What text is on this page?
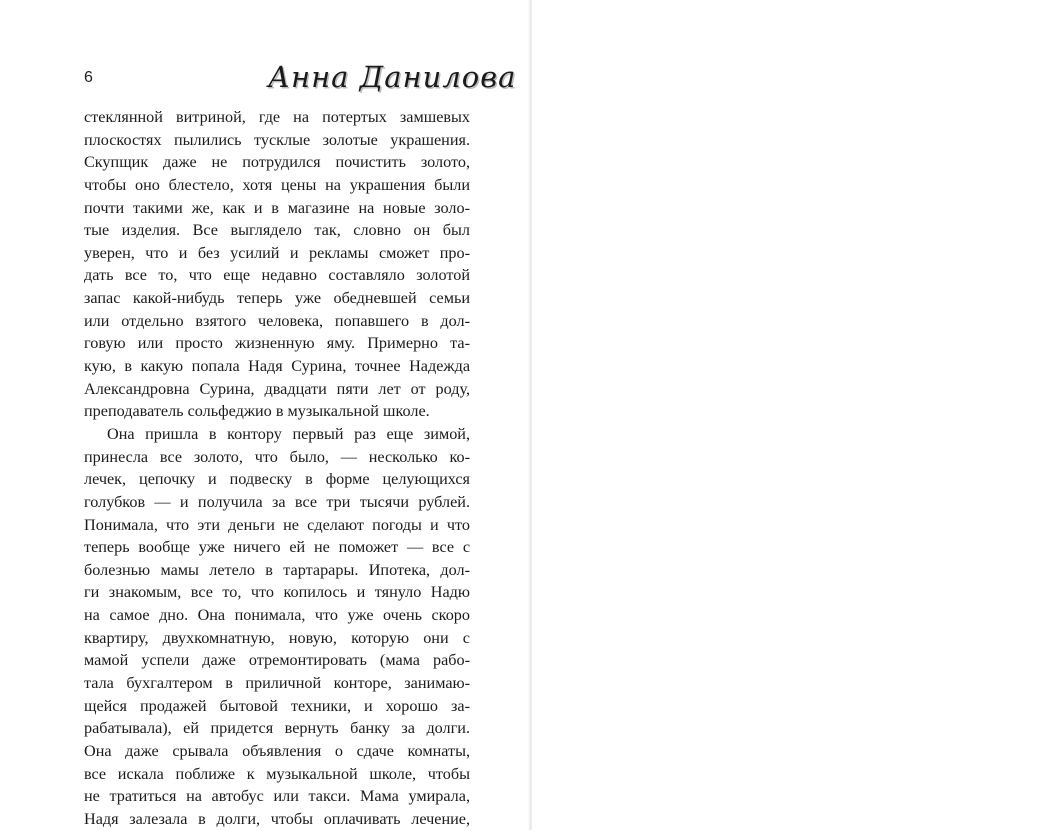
6	Анна Данилова
стеклянной витриной, где на потертых замшевых
плоскостях пылились тусклые золотые украшения.
Скупщик даже не потрудился почистить золото,
чтобы оно блестело, хотя цены на украшения были
почти такими же, как и в магазине на новые золо-
тые изделия. Все выглядело так, словно он был
уверен, что и без усилий и рекламы сможет про-
дать все то, что еще недавно составляло золотой
запас какой-нибудь теперь уже обедневшей семьи
или отдельно взятого человека, попавшего в дол-
говую или просто жизненную яму. Примерно та-
кую, в какую попала Надя Сурина, точнее Надежда
Александровна Сурина, двадцати пяти лет от роду,
преподаватель сольфеджио в музыкальной школе.
Она пришла в контору первый раз еще зимой,
принесла все золото, что было, — несколько ко-
лечек, цепочку и подвеску в форме целующихся
голубков — и получила за все три тысячи рублей.
Понимала, что эти деньги не сделают погоды и что
теперь вообще уже ничего ей не поможет — все с
болезнью мамы летело в тартарары. Ипотека, дол-
ги знакомым, все то, что копилось и тянуло Надю
на самое дно. Она понимала, что уже очень скоро
квартиру, двухкомнатную, новую, которую они с
мамой успели даже отремонтировать (мама рабо-
тала бухгалтером в приличной конторе, занимаю-
щейся продажей бытовой техники, и хорошо за-
рабатывала), ей придется вернуть банку за долги.
Она даже срывала объявления о сдаче комнаты,
все искала поближе к музыкальной школе, чтобы
не тратиться на автобус или такси. Мама умирала,
Надя залезала в долги, чтобы оплачивать лечение,
